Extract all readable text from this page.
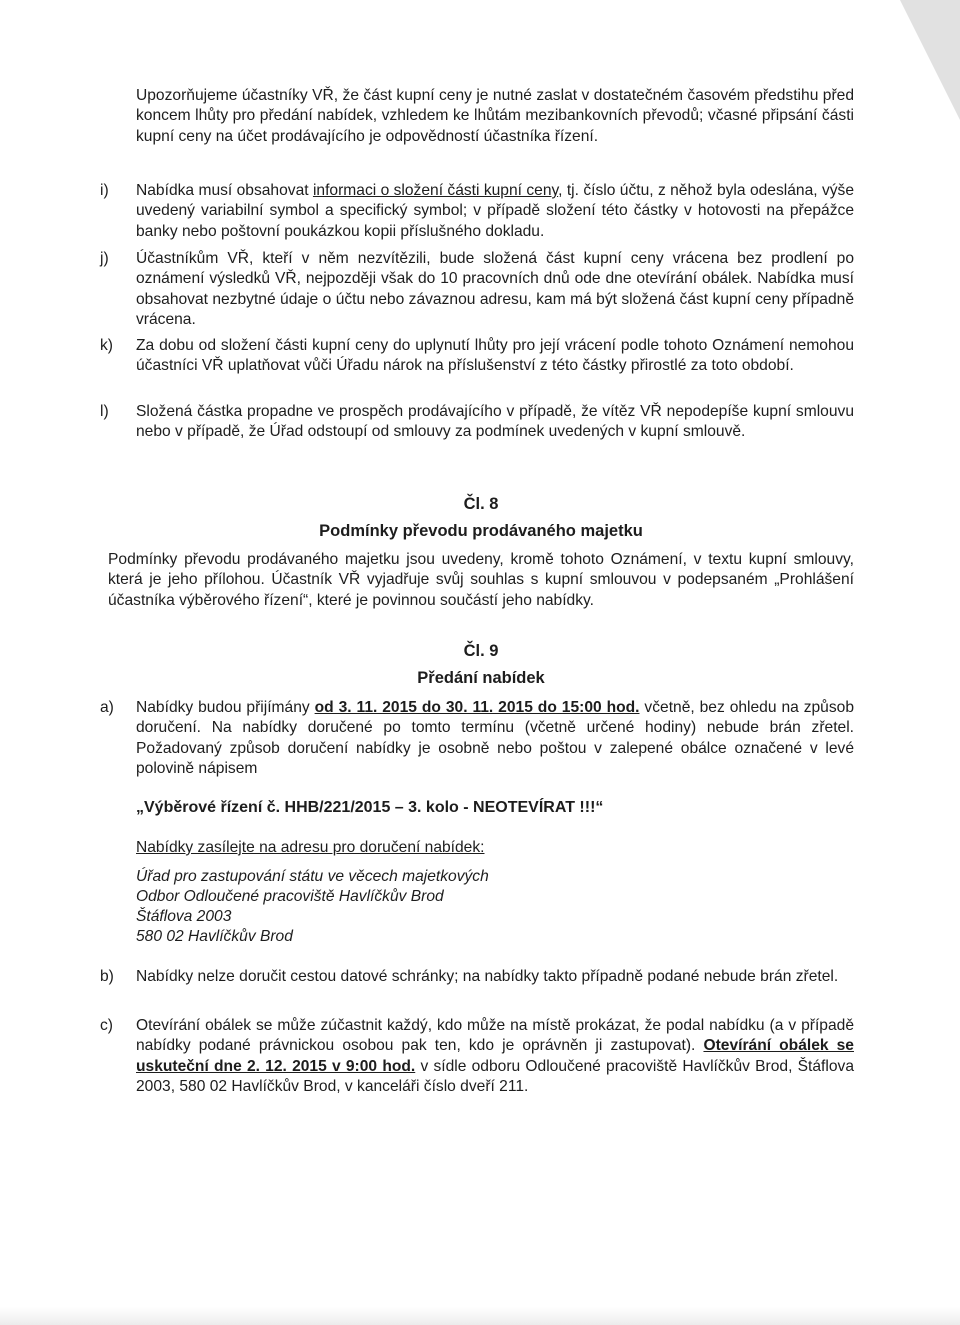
Upozorňujeme účastníky VŘ, že část kupní ceny je nutné zaslat v dostatečném časovém předstihu před koncem lhůty pro předání nabídek, vzhledem ke lhůtám mezibankovních převodů; včasné připsání části kupní ceny na účet prodávajícího je odpovědností účastníka řízení.
i)	Nabídka musí obsahovat informaci o složení části kupní ceny, tj. číslo účtu, z něhož byla odeslána, výše uvedený variabilní symbol a specifický symbol; v případě složení této částky v hotovosti na přepážce banky nebo poštovní poukázkou kopii příslušného dokladu.
j)	Účastníkům VŘ, kteří v něm nezvítězili, bude složená část kupní ceny vrácena bez prodlení po oznámení výsledků VŘ, nejpozději však do 10 pracovních dnů ode dne otevírání obálek. Nabídka musí obsahovat nezbytné údaje o účtu nebo závaznou adresu, kam má být složená část kupní ceny případně vrácena.
k)	Za dobu od složení části kupní ceny do uplynutí lhůty pro její vrácení podle tohoto Oznámení nemohou účastníci VŘ uplatňovat vůči Úřadu nárok na příslušenství z této částky přirostlé za toto období.
l)	Složená částka propadne ve prospěch prodávajícího v případě, že vítěz VŘ nepodepíše kupní smlouvu nebo v případě, že Úřad odstoupí od smlouvy za podmínek uvedených v kupní smlouvě.
Čl. 8
Podmínky převodu prodávaného majetku
Podmínky převodu prodávaného majetku jsou uvedeny, kromě tohoto Oznámení, v textu kupní smlouvy, která je jeho přílohou. Účastník VŘ vyjadřuje svůj souhlas s kupní smlouvou v podepsaném „Prohlášení účastníka výběrového řízení“, které je povinnou součástí jeho nabídky.
Čl. 9
Předání nabídek
a)	Nabídky budou přijímány od 3. 11. 2015 do 30. 11. 2015 do 15:00 hod. včetně, bez ohledu na způsob doručení. Na nabídky doručené po tomto termínu (včetně určené hodiny) nebude brán zřetel. Požadovaný způsob doručení nabídky je osobně nebo poštou v zalepené obálce označené v levé polovině nápisem
„Výběrové řízení č. HHB/221/2015 – 3. kolo - NEOTEVÍRAT !!!“
Nabídky zasílejte na adresu pro doručení nabídek:
Úřad pro zastupování státu ve věcech majetkových
Odbor Odloučené pracoviště Havlíčkův Brod
Štáflova 2003
580 02 Havlíčkův Brod
b)	Nabídky nelze doručit cestou datové schránky; na nabídky takto případně podané nebude brán zřetel.
c)	Otevírání obálek se může zúčastnit každý, kdo může na místě prokázat, že podal nabídku (a v případě nabídky podané právnickou osobou pak ten, kdo je oprávněn ji zastupovat). Otevírání obálek se uskuteční dne 2. 12. 2015 v 9:00 hod. v sídle odboru Odloučené pracoviště Havlíčkův Brod, Štáflova 2003, 580 02 Havlíčkův Brod, v kanceláři číslo dveří 211.
